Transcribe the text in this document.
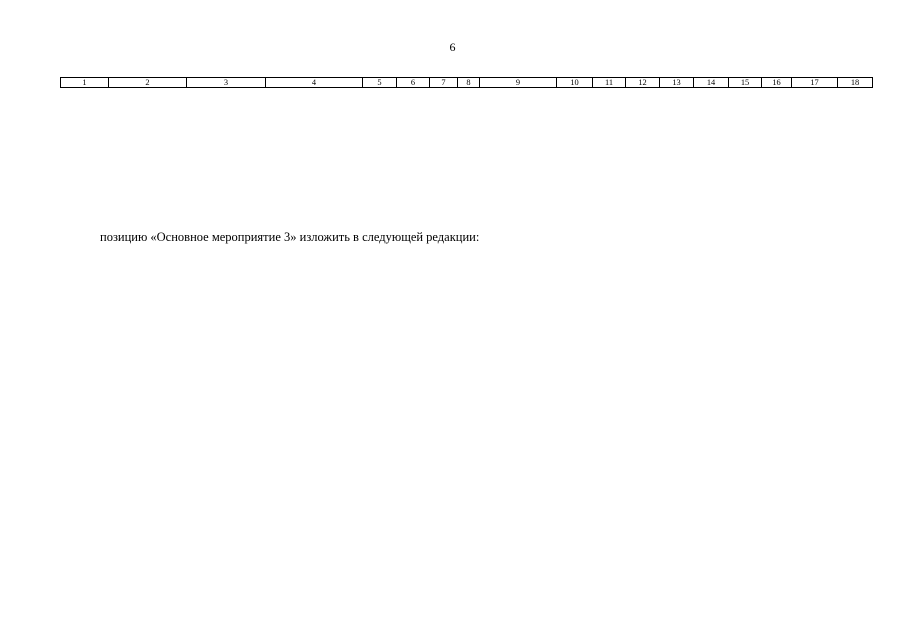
6
1	2	3	4	5	6	7	8	9	10	11	12	13	14	15	16	17	18
позицию «Основное мероприятие 3» изложить в следующей редакции:
